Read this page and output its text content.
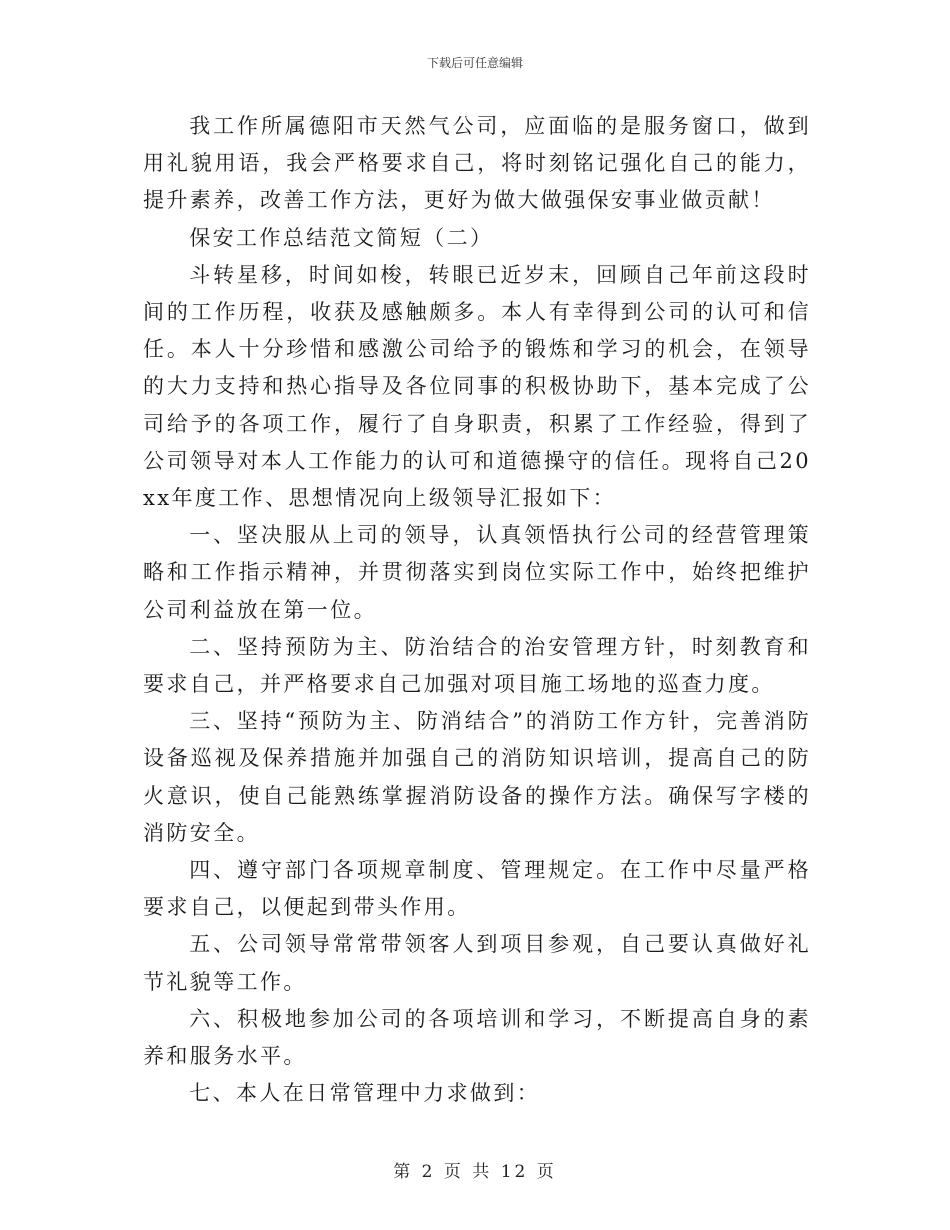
下载后可任意编辑

我工作所属德阳市天然气公司，应面临的是服务窗口，做到用礼貌用语，我会严格要求自己，将时刻铭记强化自己的能力，提升素养，改善工作方法，更好为做大做强保安事业做贡献！

保安工作总结范文简短（二）

斗转星移，时间如梭，转眼已近岁末，回顾自己年前这段时间的工作历程，收获及感触颇多。本人有幸得到公司的认可和信任。本人十分珍惜和感激公司给予的锻炼和学习的机会，在领导的大力支持和热心指导及各位同事的积极协助下，基本完成了公司给予的各项工作，履行了自身职责，积累了工作经验，得到了公司领导对本人工作能力的认可和道德操守的信任。现将自己20xx年度工作、思想情况向上级领导汇报如下：

一、坚决服从上司的领导，认真领悟执行公司的经营管理策略和工作指示精神，并贯彻落实到岗位实际工作中，始终把维护公司利益放在第一位。

二、坚持预防为主、防治结合的治安管理方针，时刻教育和要求自己，并严格要求自己加强对项目施工场地的巡查力度。

三、坚持“预防为主、防消结合”的消防工作方针，完善消防设备巡视及保养措施并加强自己的消防知识培训，提高自己的防火意识，使自己能熟练掌握消防设备的操作方法。确保写字楼的消防安全。

四、遵守部门各项规章制度、管理规定。在工作中尽量严格要求自己，以便起到带头作用。

五、公司领导常常带领客人到项目参观，自己要认真做好礼节礼貌等工作。

六、积极地参加公司的各项培训和学习，不断提高自身的素养和服务水平。

七、本人在日常管理中力求做到：

第 2 页 共 12 页
